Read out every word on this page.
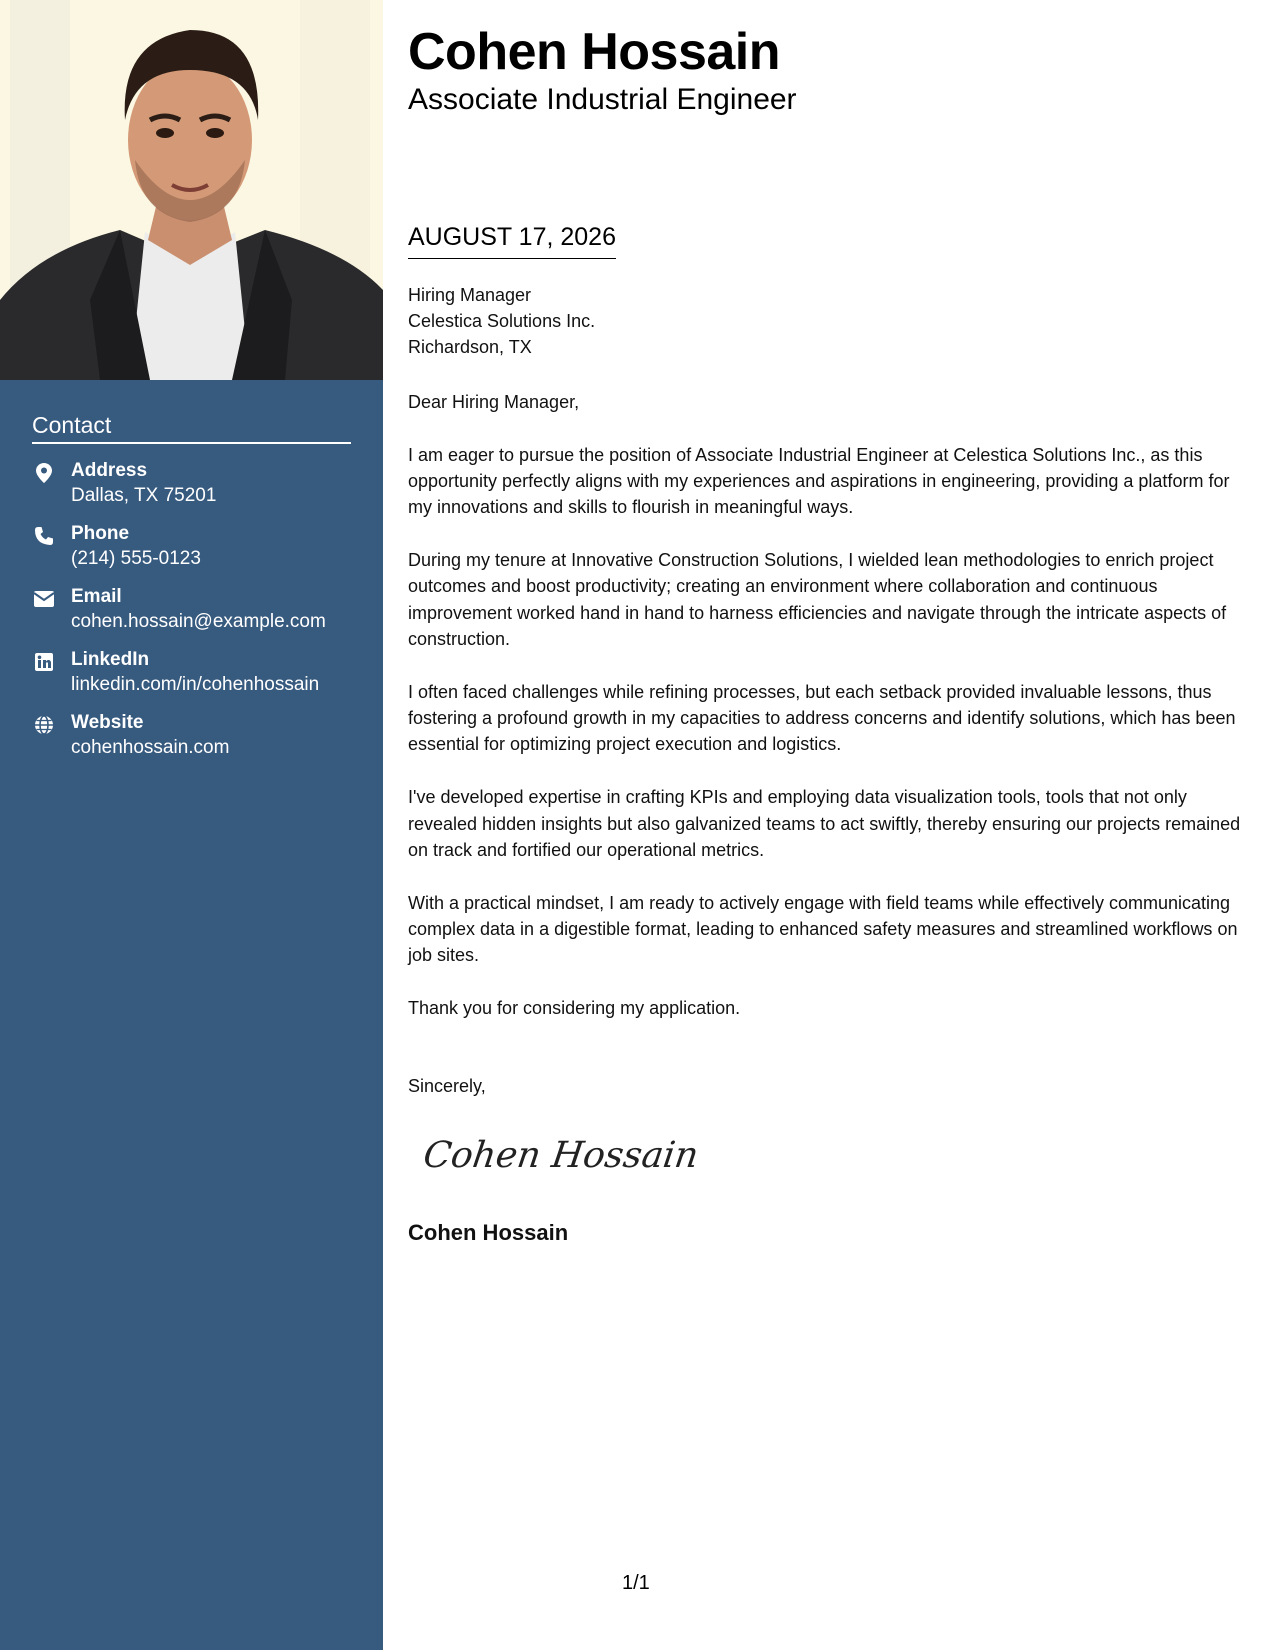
Contact
Address
Dallas, TX 75201
Phone
(214) 555-0123
Email
cohen.hossain@example.com
LinkedIn
linkedin.com/in/cohenhossain
Website
cohenhossain.com
Cohen Hossain
Associate Industrial Engineer
AUGUST 17, 2026
Hiring Manager
Celestica Solutions Inc.
Richardson, TX

Dear Hiring Manager,

I am eager to pursue the position of Associate Industrial Engineer at Celestica Solutions Inc., as this opportunity perfectly aligns with my experiences and aspirations in engineering, providing a platform for my innovations and skills to flourish in meaningful ways.

During my tenure at Innovative Construction Solutions, I wielded lean methodologies to enrich project outcomes and boost productivity; creating an environment where collaboration and continuous improvement worked hand in hand to harness efficiencies and navigate through the intricate aspects of construction.

I often faced challenges while refining processes, but each setback provided invaluable lessons, thus fostering a profound growth in my capacities to address concerns and identify solutions, which has been essential for optimizing project execution and logistics.

I've developed expertise in crafting KPIs and employing data visualization tools, tools that not only revealed hidden insights but also galvanized teams to act swiftly, thereby ensuring our projects remained on track and fortified our operational metrics.

With a practical mindset, I am ready to actively engage with field teams while effectively communicating complex data in a digestible format, leading to enhanced safety measures and streamlined workflows on job sites.

Thank you for considering my application.

Sincerely,
Cohen Hossain
Cohen Hossain
1/1
